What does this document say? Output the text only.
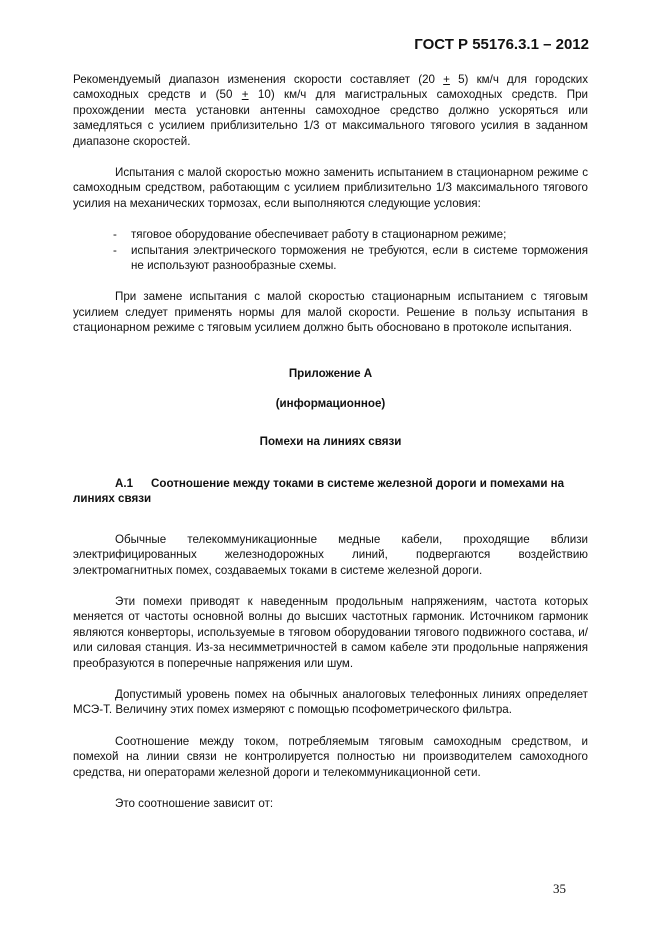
ГОСТ Р 55176.3.1 – 2012

Рекомендуемый диапазон изменения скорости составляет (20 + 5) км/ч для городских самоходных средств и (50 + 10) км/ч для магистральных самоходных средств. При прохождении места установки антенны самоходное средство должно ускоряться или замедляться с усилием приблизительно 1/3 от максимального тягового усилия в заданном диапазоне скоростей.

Испытания с малой скоростью можно заменить испытанием в стационарном режиме с самоходным средством, работающим с усилием приблизительно 1/3 максимального тягового усилия на механических тормозах, если выполняются следующие условия:

- тяговое оборудование обеспечивает работу в стационарном режиме;
- испытания электрического торможения не требуются, если в системе торможения не используют разнообразные схемы.

При замене испытания с малой скоростью стационарным испытанием с тяговым усилием следует применять нормы для малой скорости. Решение в пользу испытания в стационарном режиме с тяговым усилием должно быть обосновано в протоколе испытания.

Приложение А
(информационное)
Помехи на линиях связи
А.1 Соотношение между токами в системе железной дороги и помехами на линиях связи

Обычные телекоммуникационные медные кабели, проходящие вблизи электрифицированных железнодорожных линий, подвергаются воздействию электромагнитных помех, создаваемых токами в системе железной дороги.

Эти помехи приводят к наведенным продольным напряжениям, частота которых меняется от частоты основной волны до высших частотных гармоник. Источником гармоник являются конверторы, используемые в тяговом оборудовании тягового подвижного состава, и/или силовая станция. Из-за несимметричностей в самом кабеле эти продольные напряжения преобразуются в поперечные напряжения или шум.

Допустимый уровень помех на обычных аналоговых телефонных линиях определяет МСЭ-Т. Величину этих помех измеряют с помощью псофометрического фильтра.

Соотношение между током, потребляемым тяговым самоходным средством, и помехой на линии связи не контролируется полностью ни производителем самоходного средства, ни операторами железной дороги и телекоммуникационной сети.

Это соотношение зависит от:

35
